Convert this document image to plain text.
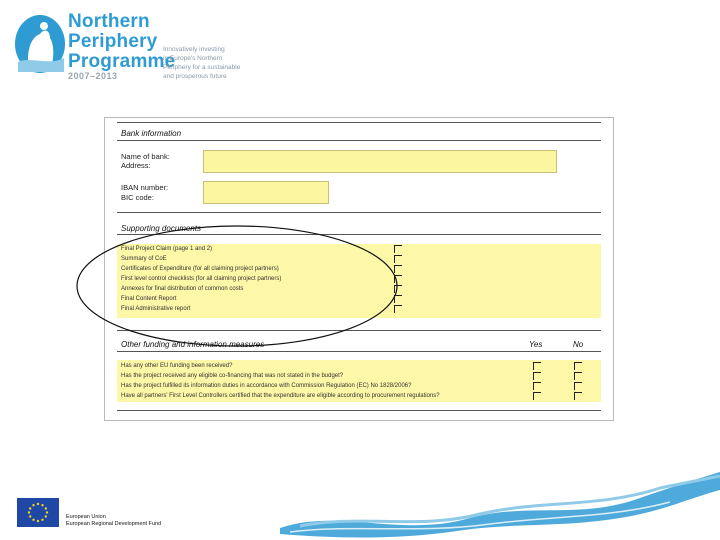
Northern
Periphery
Programme
2007–2013
Innovatively investing
in Europe's Northern
Periphery for a sustainable
and prosperous future
Bank information
Name of bank:
Address:
IBAN number:
BIC code:
Supporting documents
Final Project Claim (page 1 and 2)
Summary of CoE
Certificates of Expenditure (for all claiming project partners)
First level control checklists (for all claiming project partners)
Annexes for final distribution of common costs
Final Content Report
Final Administrative report
Other funding and information measures	Yes	No
Has any other EU funding been received?
Has the project received any eligible co-financing that was not stated in the budget?
Has the project fulfilled its information duties in accordance with Commission Regulation (EC) No 1828/2006?
Have all partners' First Level Controllers certified that the expenditure are eligible according to procurement regulations?
European Union
European Regional Development Fund
